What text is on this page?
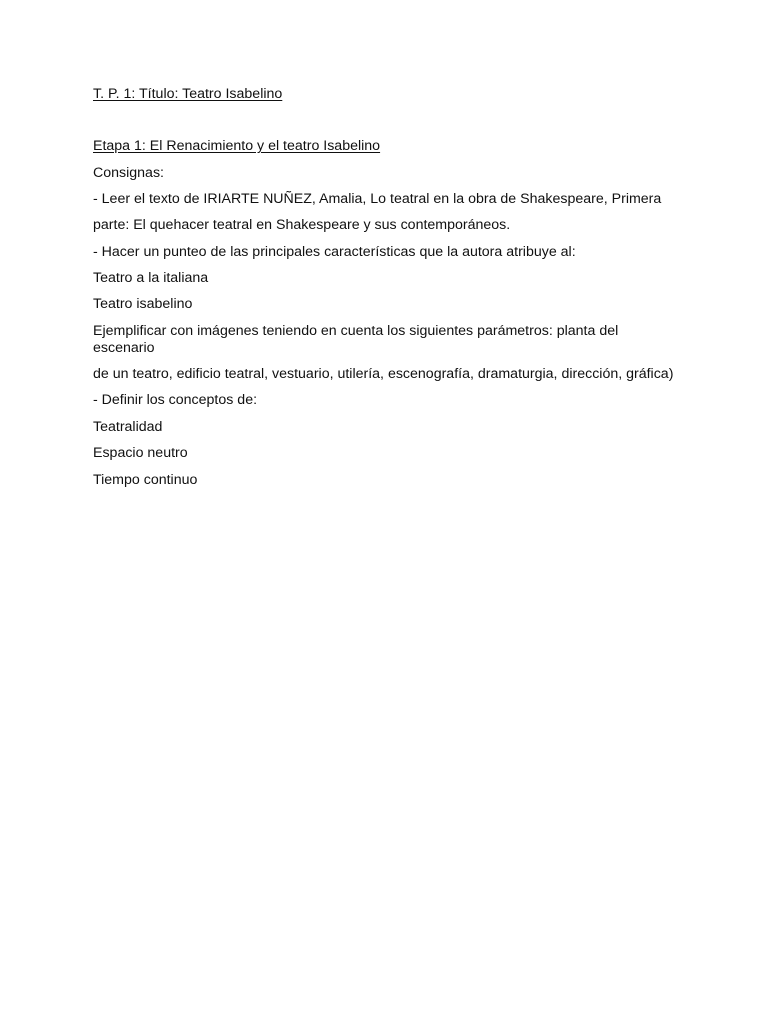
T. P. 1: Título: Teatro Isabelino
Etapa 1: El Renacimiento y el teatro Isabelino
Consignas:
- Leer el texto de IRIARTE NUÑEZ, Amalia, Lo teatral en la obra de Shakespeare, Primera
parte: El quehacer teatral en Shakespeare y sus contemporáneos.
- Hacer un punteo de las principales características que la autora atribuye al:
Teatro a la italiana
Teatro isabelino
Ejemplificar con imágenes teniendo en cuenta los siguientes parámetros: planta del escenario
de un teatro, edificio teatral, vestuario, utilería, escenografía, dramaturgia, dirección, gráfica)
- Definir los conceptos de:
Teatralidad
Espacio neutro
Tiempo continuo
